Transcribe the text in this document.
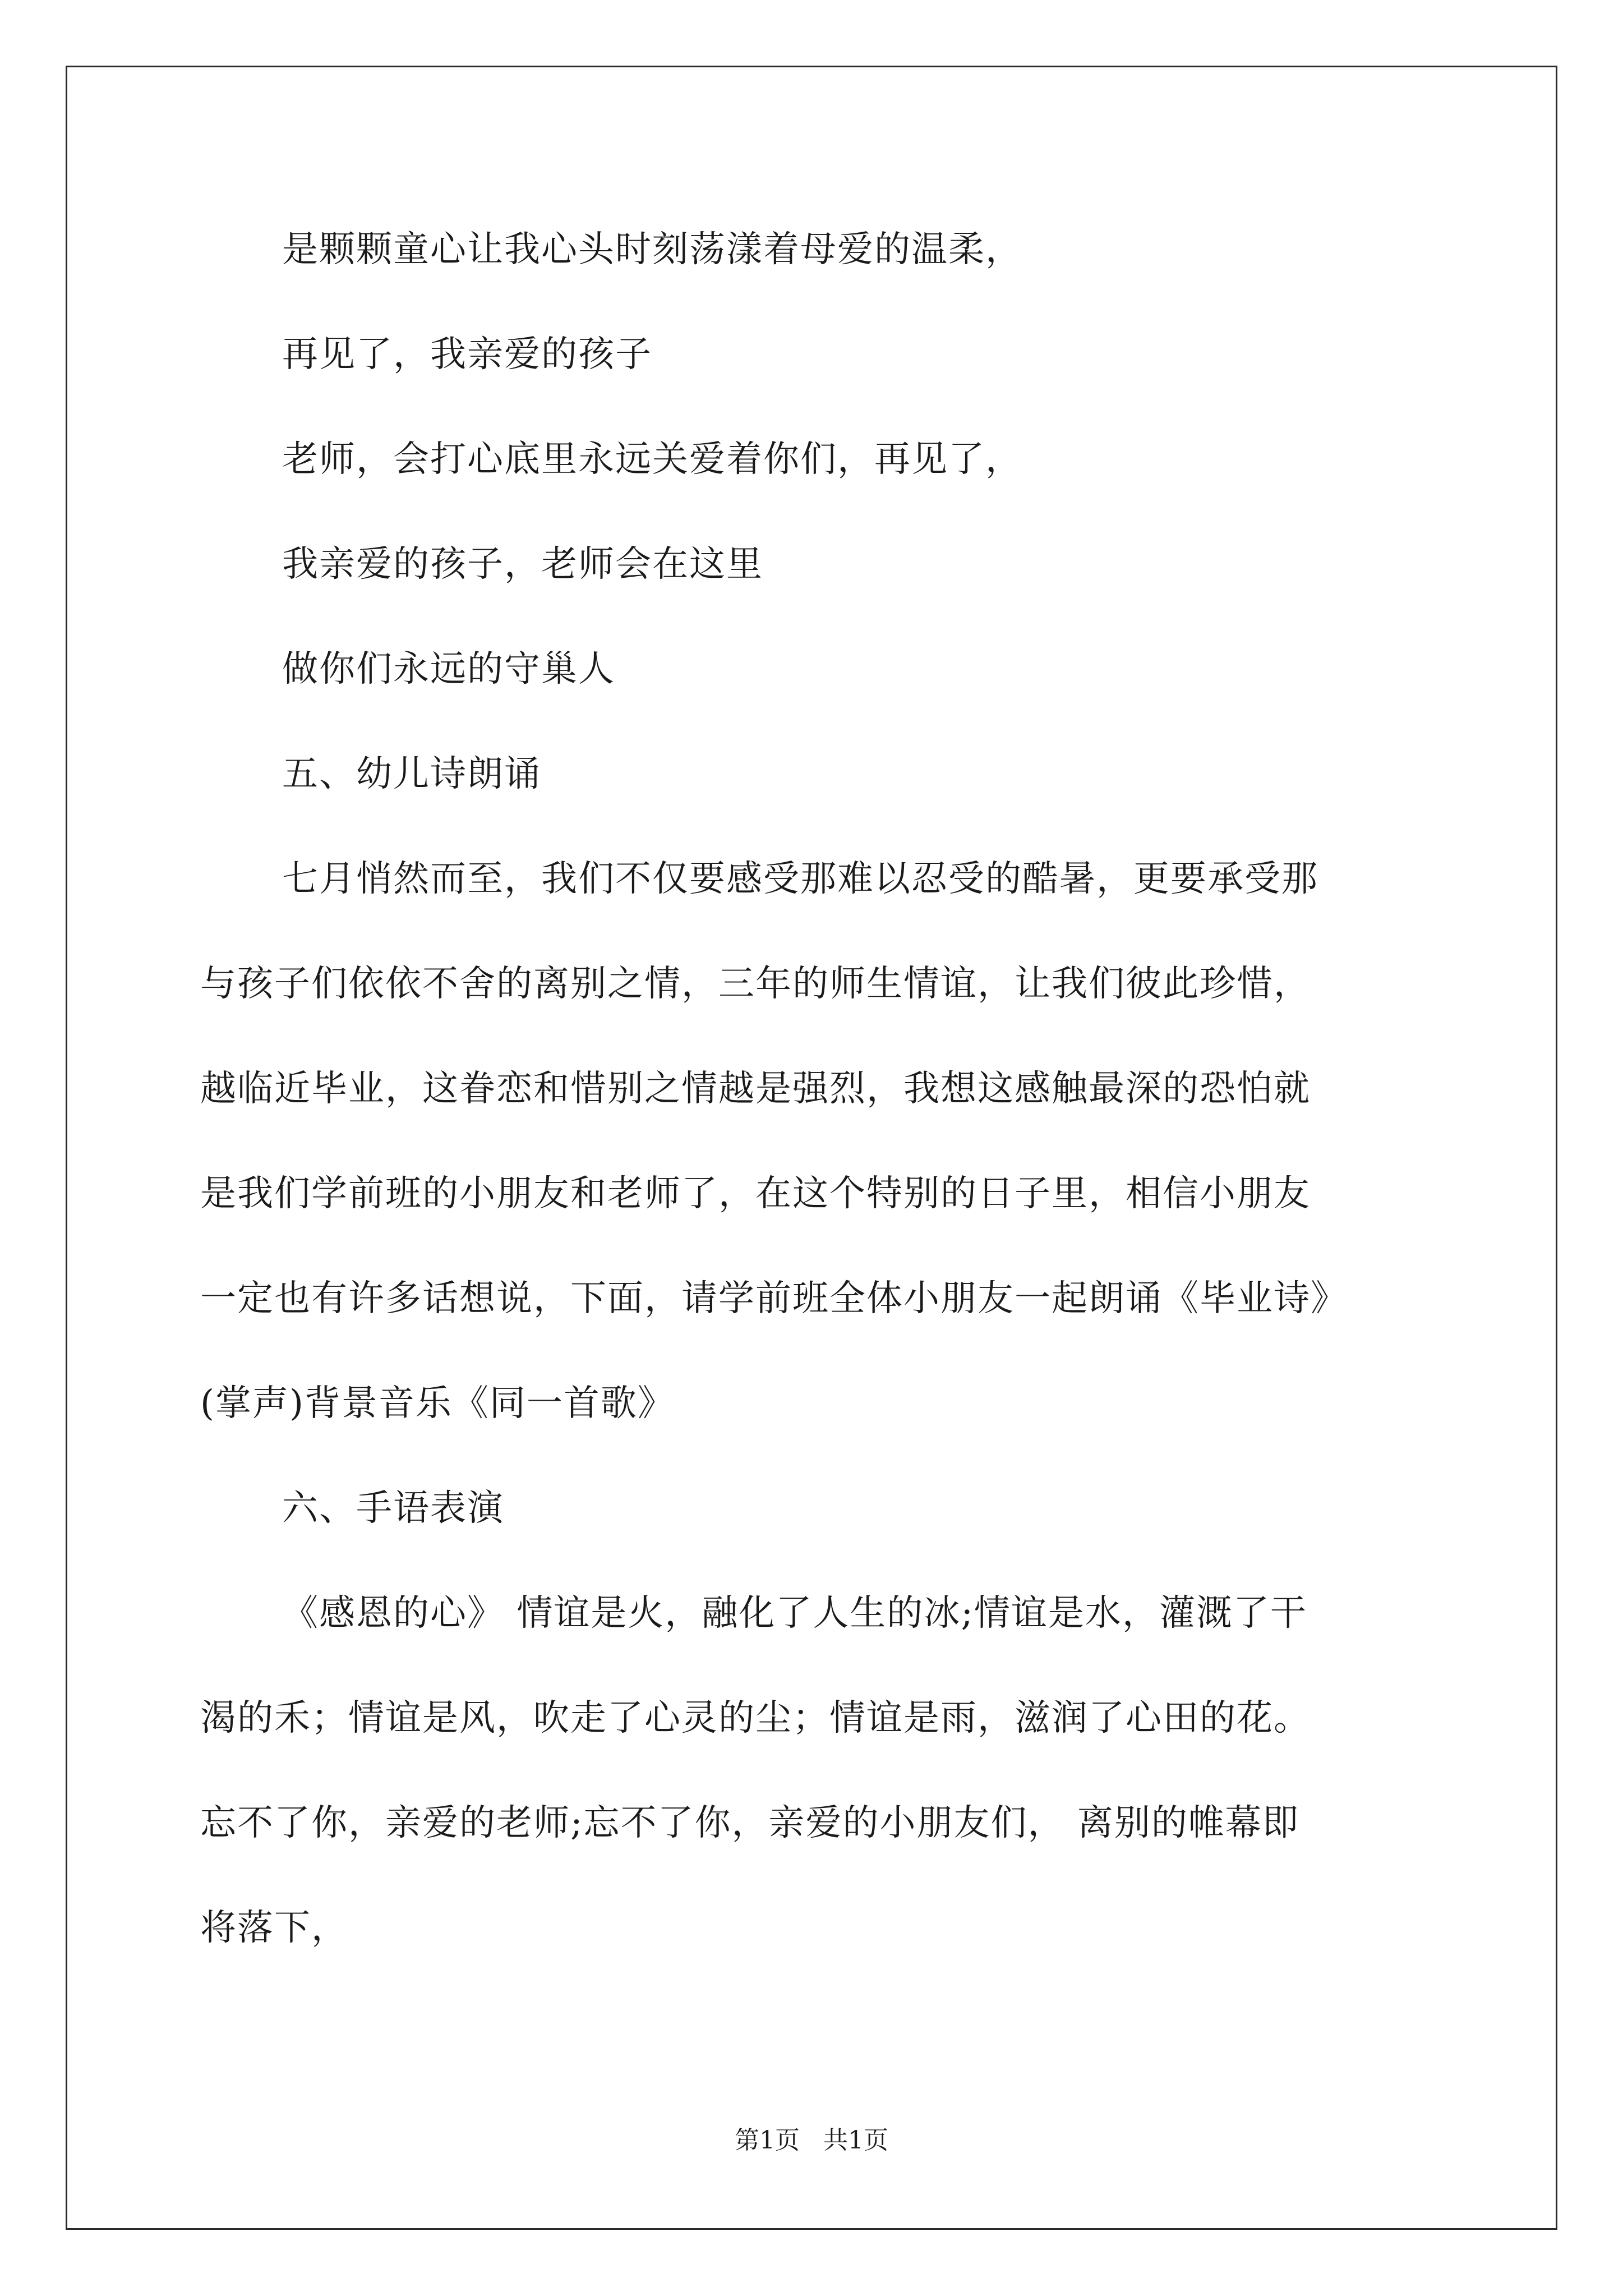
是颗颗童心让我心头时刻荡漾着母爱的温柔，
再见了，我亲爱的孩子
老师，会打心底里永远关爱着你们，再见了，
我亲爱的孩子，老师会在这里
做你们永远的守巢人
五、幼儿诗朗诵
七月悄然而至，我们不仅要感受那难以忍受的酷暑，更要承受那
与孩子们依依不舍的离别之情，三年的师生情谊，让我们彼此珍惜，
越临近毕业，这眷恋和惜别之情越是强烈，我想这感触最深的恐怕就
是我们学前班的小朋友和老师了，在这个特别的日子里，相信小朋友
一定也有许多话想说，下面，请学前班全体小朋友一起朗诵《毕业诗》
(掌声)背景音乐《同一首歌》
六、手语表演
《感恩的心》 情谊是火，融化了人生的冰;情谊是水，灌溉了干
渴的禾；情谊是风，吹走了心灵的尘；情谊是雨，滋润了心田的花。
忘不了你，亲爱的老师;忘不了你，亲爱的小朋友们， 离别的帷幕即
将落下，
第1页   共1页
